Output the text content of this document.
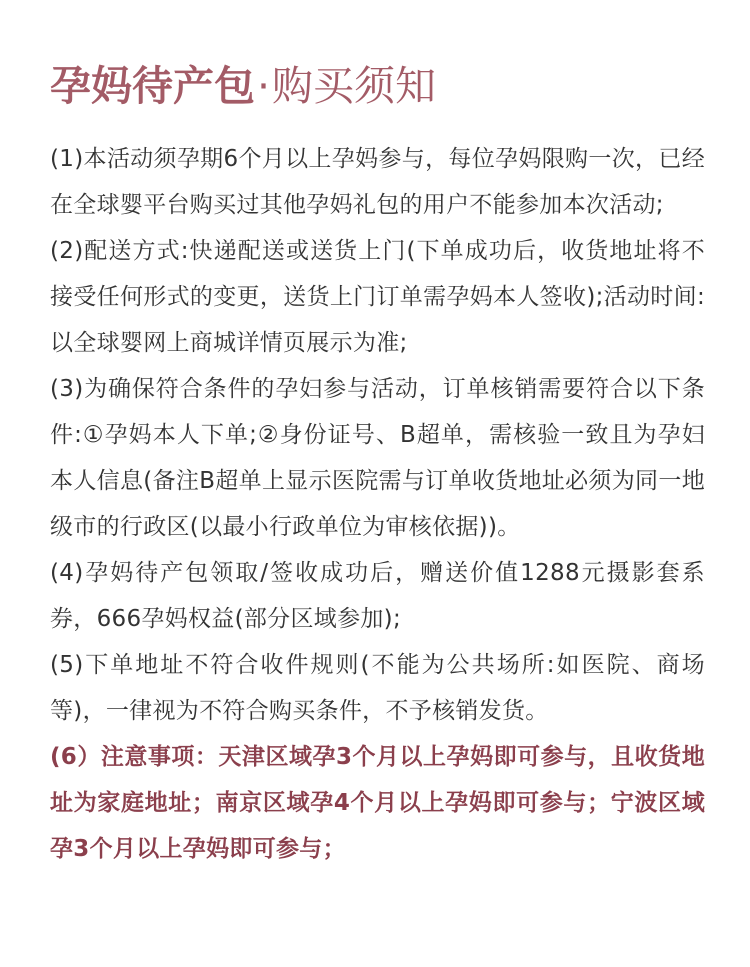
孕妈待产包·购买须知

(1)本活动须孕期6个月以上孕妈参与，每位孕妈限购一次，已经在全球婴平台购买过其他孕妈礼包的用户不能参加本次活动;

(2)配送方式:快递配送或送货上门(下单成功后，收货地址将不接受任何形式的变更，送货上门订单需孕妈本人签收);活动时间: 以全球婴网上商城详情页展示为准;

(3)为确保符合条件的孕妇参与活动，订单核销需要符合以下条件:①孕妈本人下单;②身份证号、B超单，需核验一致且为孕妇本人信息(备注B超单上显示医院需与订单收货地址必须为同一地级市的行政区(以最小行政单位为审核依据))。

(4)孕妈待产包领取/签收成功后，赠送价值1288元摄影套系券，666孕妈权益(部分区域参加);

(5)下单地址不符合收件规则(不能为公共场所:如医院、商场等)，一律视为不符合购买条件，不予核销发货。

(6）注意事项：天津区域孕3个月以上孕妈即可参与，且收货地址为家庭地址；南京区域孕4个月以上孕妈即可参与；宁波区域孕3个月以上孕妈即可参与；
